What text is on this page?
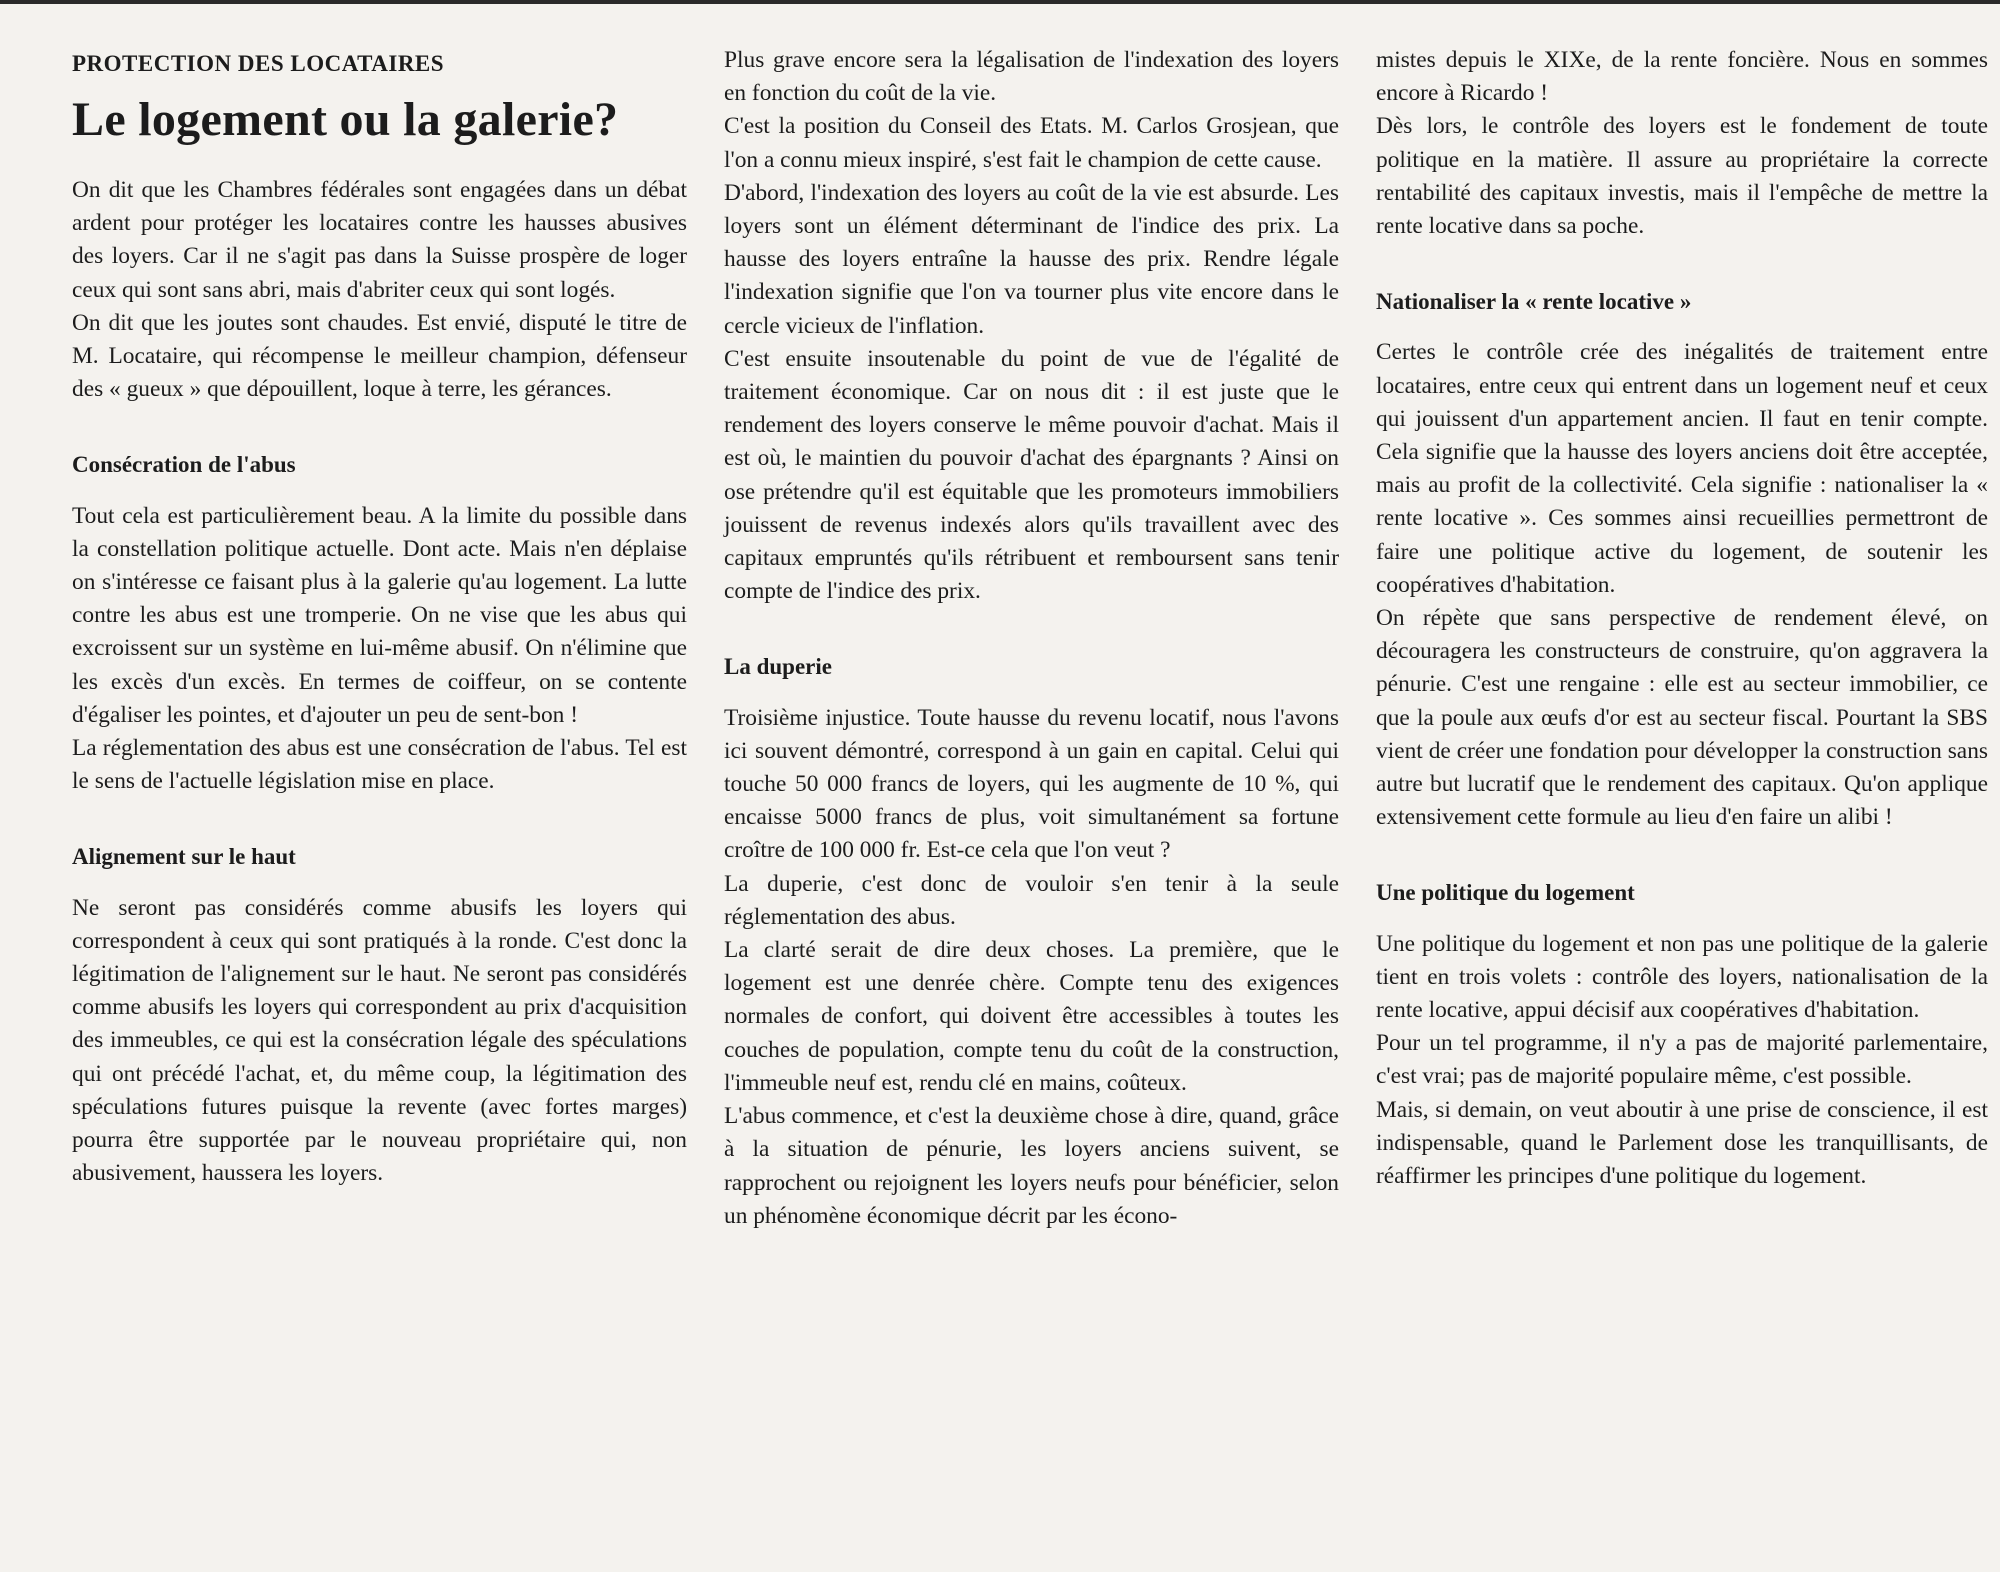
PROTECTION DES LOCATAIRES
Le logement ou la galerie?

On dit que les Chambres fédérales sont engagées dans un débat ardent pour protéger les locataires contre les hausses abusives des loyers. Car il ne s'agit pas dans la Suisse prospère de loger ceux qui sont sans abri, mais d'abriter ceux qui sont logés.

On dit que les joutes sont chaudes. Est envié, disputé le titre de M. Locataire, qui récompense le meilleur champion, défenseur des « gueux » que dépouillent, loque à terre, les gérances.

Consécration de l'abus

Tout cela est particulièrement beau. A la limite du possible dans la constellation politique actuelle. Dont acte. Mais n'en déplaise on s'intéresse ce faisant plus à la galerie qu'au logement. La lutte contre les abus est une tromperie. On ne vise que les abus qui excroissent sur un système en lui-même abusif. On n'élimine que les excès d'un excès. En termes de coiffeur, on se contente d'égaliser les pointes, et d'ajouter un peu de sent-bon !

La réglementation des abus est une consécration de l'abus. Tel est le sens de l'actuelle législation mise en place.

Alignement sur le haut

Ne seront pas considérés comme abusifs les loyers qui correspondent à ceux qui sont pratiqués à la ronde. C'est donc la légitimation de l'alignement sur le haut. Ne seront pas considérés comme abusifs les loyers qui correspondent au prix d'acquisition des immeubles, ce qui est la consécration légale des spéculations qui ont précédé l'achat, et, du même coup, la légitimation des spéculations futures puisque la revente (avec fortes marges) pourra être supportée par le nouveau propriétaire qui, non abusivement, haussera les loyers.

Plus grave encore sera la légalisation de l'indexation des loyers en fonction du coût de la vie.

C'est la position du Conseil des Etats. M. Carlos Grosjean, que l'on a connu mieux inspiré, s'est fait le champion de cette cause.

D'abord, l'indexation des loyers au coût de la vie est absurde. Les loyers sont un élément déterminant de l'indice des prix. La hausse des loyers entraîne la hausse des prix. Rendre légale l'indexation signifie que l'on va tourner plus vite encore dans le cercle vicieux de l'inflation.

C'est ensuite insoutenable du point de vue de l'égalité de traitement économique. Car on nous dit : il est juste que le rendement des loyers conserve le même pouvoir d'achat. Mais il est où, le maintien du pouvoir d'achat des épargnants ? Ainsi on ose prétendre qu'il est équitable que les promoteurs immobiliers jouissent de revenus indexés alors qu'ils travaillent avec des capitaux empruntés qu'ils rétribuent et remboursent sans tenir compte de l'indice des prix.

La duperie

Troisième injustice. Toute hausse du revenu locatif, nous l'avons ici souvent démontré, correspond à un gain en capital. Celui qui touche 50 000 francs de loyers, qui les augmente de 10 %, qui encaisse 5000 francs de plus, voit simultanément sa fortune croître de 100 000 fr. Est-ce cela que l'on veut ?

La duperie, c'est donc de vouloir s'en tenir à la seule réglementation des abus.

La clarté serait de dire deux choses. La première, que le logement est une denrée chère. Compte tenu des exigences normales de confort, qui doivent être accessibles à toutes les couches de population, compte tenu du coût de la construction, l'immeuble neuf est, rendu clé en mains, coûteux.

L'abus commence, et c'est la deuxième chose à dire, quand, grâce à la situation de pénurie, les loyers anciens suivent, se rapprochent ou rejoignent les loyers neufs pour bénéficier, selon un phénomène économique décrit par les écono-

mistes depuis le XIXe, de la rente foncière. Nous en sommes encore à Ricardo !

Dès lors, le contrôle des loyers est le fondement de toute politique en la matière. Il assure au propriétaire la correcte rentabilité des capitaux investis, mais il l'empêche de mettre la rente locative dans sa poche.

Nationaliser la « rente locative »

Certes le contrôle crée des inégalités de traitement entre locataires, entre ceux qui entrent dans un logement neuf et ceux qui jouissent d'un appartement ancien. Il faut en tenir compte. Cela signifie que la hausse des loyers anciens doit être acceptée, mais au profit de la collectivité. Cela signifie : nationaliser la « rente locative ». Ces sommes ainsi recueillies permettront de faire une politique active du logement, de soutenir les coopératives d'habitation.

On répète que sans perspective de rendement élevé, on découragera les constructeurs de construire, qu'on aggravera la pénurie. C'est une rengaine : elle est au secteur immobilier, ce que la poule aux œufs d'or est au secteur fiscal. Pourtant la SBS vient de créer une fondation pour développer la construction sans autre but lucratif que le rendement des capitaux. Qu'on applique extensivement cette formule au lieu d'en faire un alibi !

Une politique du logement

Une politique du logement et non pas une politique de la galerie tient en trois volets : contrôle des loyers, nationalisation de la rente locative, appui décisif aux coopératives d'habitation.

Pour un tel programme, il n'y a pas de majorité parlementaire, c'est vrai; pas de majorité populaire même, c'est possible.

Mais, si demain, on veut aboutir à une prise de conscience, il est indispensable, quand le Parlement dose les tranquillisants, de réaffirmer les principes d'une politique du logement.
